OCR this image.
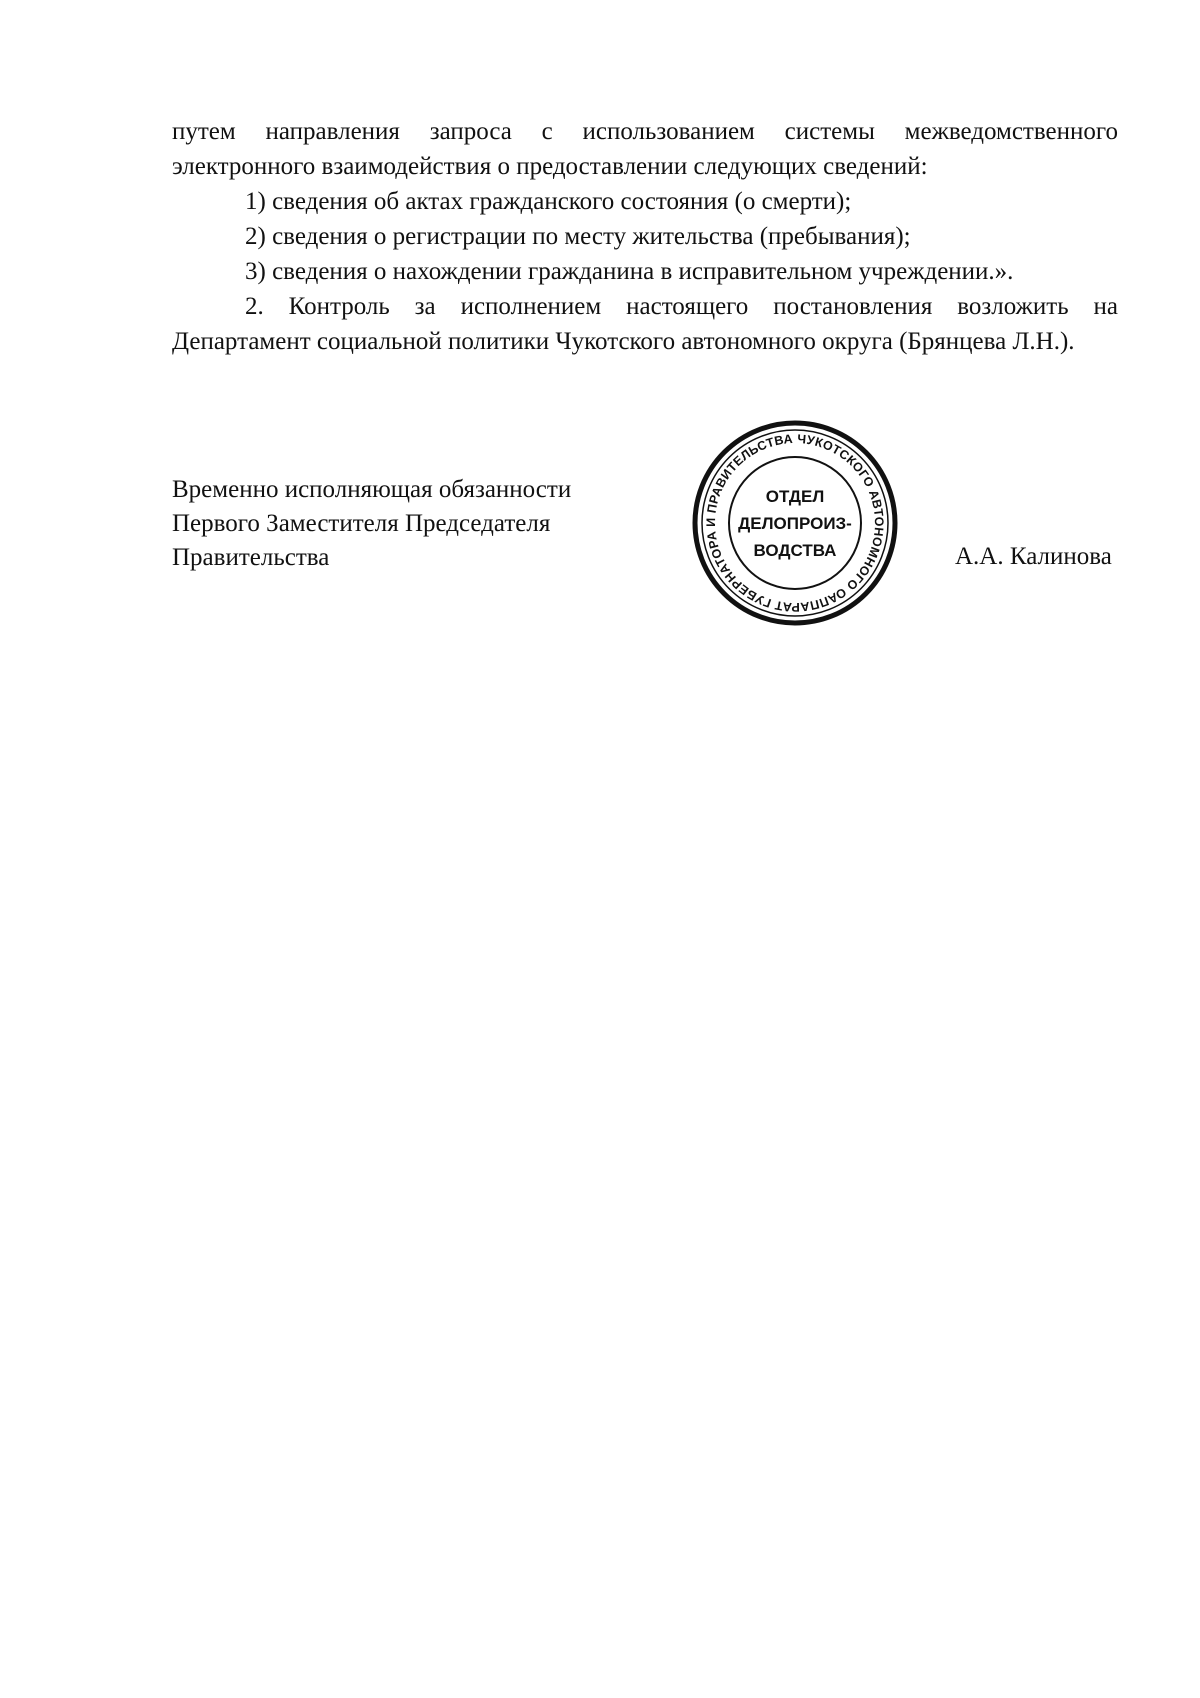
путем направления запроса с использованием системы межведомственного

электронного взаимодействия о предоставлении следующих сведений:

1) сведения об актах гражданского состояния (о смерти);

2) сведения о регистрации по месту жительства (пребывания);

3) сведения о нахождении гражданина в исправительном учреждении.».

2. Контроль за исполнением настоящего постановления возложить на Департамент социальной политики Чукотского автономного округа (Брянцева Л.Н.).

Временно исполняющая обязанности
Первого Заместителя Председателя
Правительства
АППАРАТ ГУБЕРНАТОРА И ПРАВИТЕЛЬСТВА ЧУКОТСКОГО АВТОНОМНОГО ОКРУГА
ОТДЕЛ
ДЕЛОПРОИЗ-
ВОДСТВА	А.А. Калинова
